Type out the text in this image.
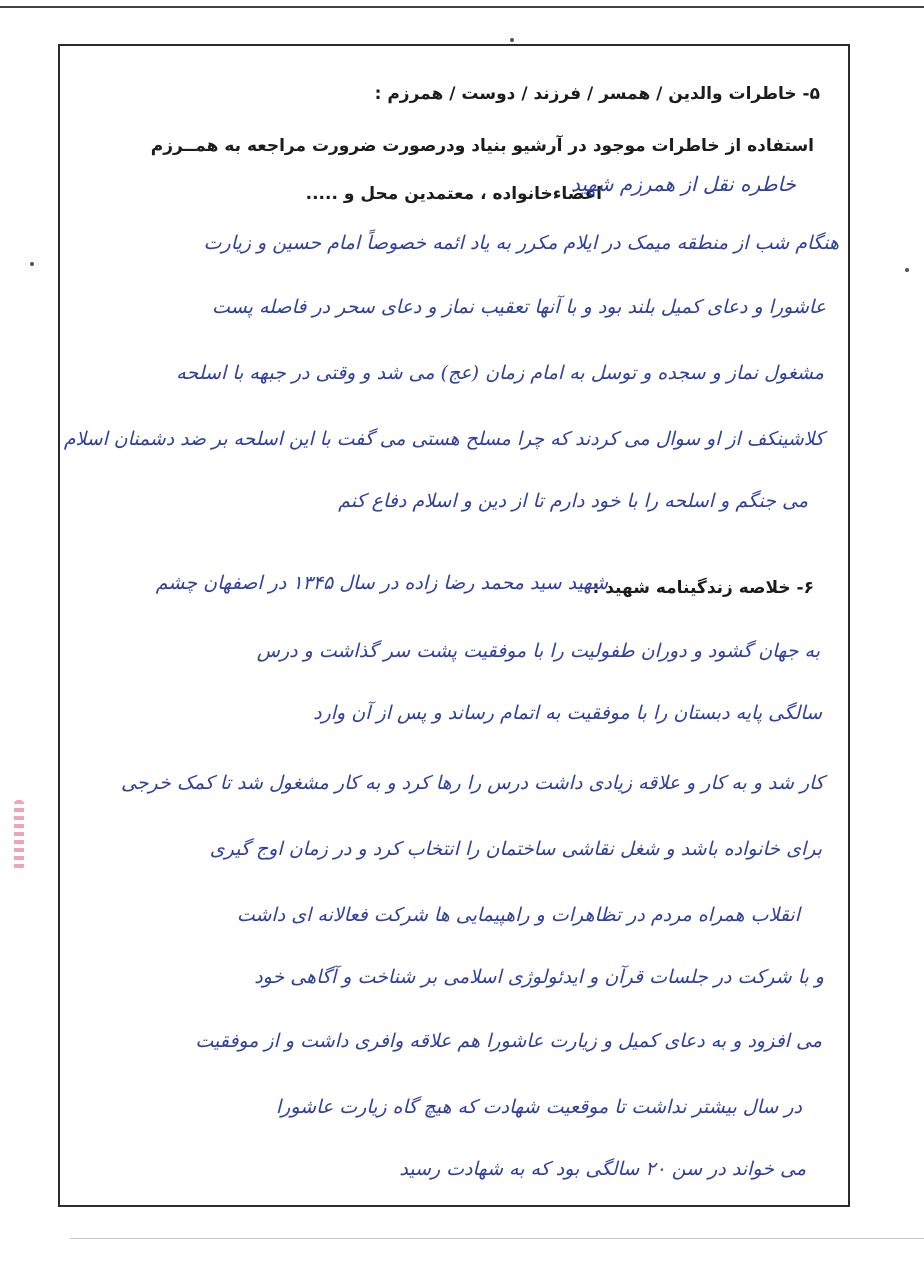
۵- خاطرات والدین / همسر / فرزند / دوست / همرزم :
استفاده از خاطرات موجود در آرشیو بنیاد ودرصورت ضرورت مراجعه به همــرزم
اعضاءخانواده ، معتمدین محل و .....
خاطره نقل از همرزم شهید
هنگام شب از منطقه میمک در ایلام مکرر به یاد ائمه خصوصاً امام حسین و زیارت
عاشورا و دعای کمیل بلند بود و با آنها تعقیب نماز و دعای سحر در فاصله پست
مشغول نماز و سجده و توسل به امام زمان (عج) می شد و وقتی در جبهه با اسلحه
کلاشینکف از او سوال می کردند که چرا مسلح هستی می گفت با این اسلحه بر ضد دشمنان اسلام
می جنگم و اسلحه را با خود دارم تا از دین و اسلام دفاع کنم
۶- خلاصه زندگینامه شهید :
شهید سید محمد رضا زاده در سال ۱۳۴۵ در اصفهان چشم
به جهان گشود و دوران طفولیت را با موفقیت پشت سر گذاشت و درس
سالگی پایه دبستان را با موفقیت به اتمام رساند و پس از آن وارد
کار شد و به کار و علاقه زیادی داشت درس را رها کرد و به کار مشغول شد تا کمک خرجی
برای خانواده باشد و شغل نقاشی ساختمان را انتخاب کرد و در زمان اوج گیری
انقلاب همراه مردم در تظاهرات و راهپیمایی ها شرکت فعالانه ای داشت
و با شرکت در جلسات قرآن و ایدئولوژی اسلامی بر شناخت و آگاهی خود
می افزود و به دعای کمیل و زیارت عاشورا هم علاقه وافری داشت و از موفقیت
در سال بیشتر نداشت تا موقعیت شهادت که هیچ گاه زیارت عاشورا
می خواند در سن ۲۰ سالگی بود که به شهادت رسید
